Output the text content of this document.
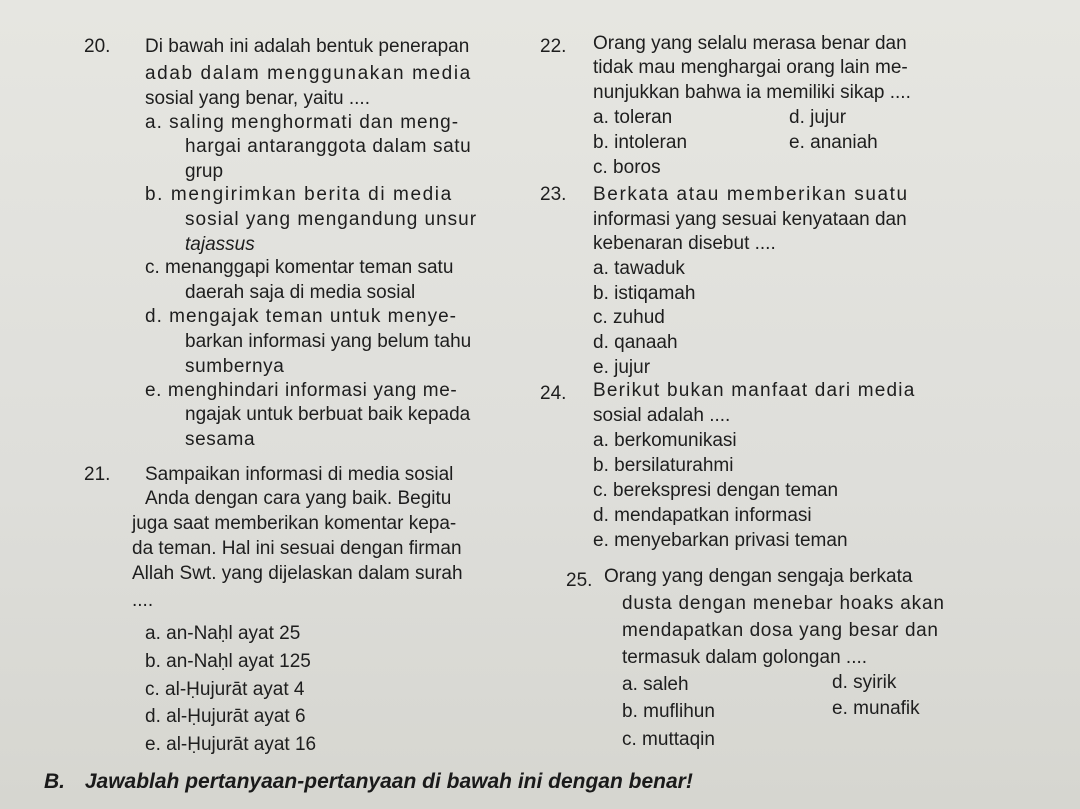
20. Di bawah ini adalah bentuk penerapan
adab dalam menggunakan media
sosial yang benar, yaitu ....
a. saling menghormati dan meng-
hargai antaranggota dalam satu
grup
b. mengirimkan berita di media
sosial yang mengandung unsur
tajassus
c. menanggapi komentar teman satu
daerah saja di media sosial
d. mengajak teman untuk menye-
barkan informasi yang belum tahu
sumbernya
e. menghindari informasi yang me-
ngajak untuk berbuat baik kepada
sesama
21. Sampaikan informasi di media sosial
Anda dengan cara yang baik. Begitu
juga saat memberikan komentar kepa-
da teman. Hal ini sesuai dengan firman
Allah Swt. yang dijelaskan dalam surah
....
a. an-Naḥl ayat 25
b. an-Naḥl ayat 125
c. al-Ḥujurāt ayat 4
d. al-Ḥujurāt ayat 6
e. al-Ḥujurāt ayat 16
22. Orang yang selalu merasa benar dan
tidak mau menghargai orang lain me-
nunjukkan bahwa ia memiliki sikap ....
a. toleran	d. jujur
b. intoleran	e. ananiah
c. boros
23. Berkata atau memberikan suatu
informasi yang sesuai kenyataan dan
kebenaran disebut ....
a. tawaduk
b. istiqamah
c. zuhud
d. qanaah
e. jujur
24. Berikut bukan manfaat dari media
sosial adalah ....
a. berkomunikasi
b. bersilaturahmi
c. berekspresi dengan teman
d. mendapatkan informasi
e. menyebarkan privasi teman
25. Orang yang dengan sengaja berkata
dusta dengan menebar hoaks akan
mendapatkan dosa yang besar dan
termasuk dalam golongan ....
a. saleh	d. syirik
b. muflihun	e. munafik
c. muttaqin
B. Jawablah pertanyaan-pertanyaan di bawah ini dengan benar!
